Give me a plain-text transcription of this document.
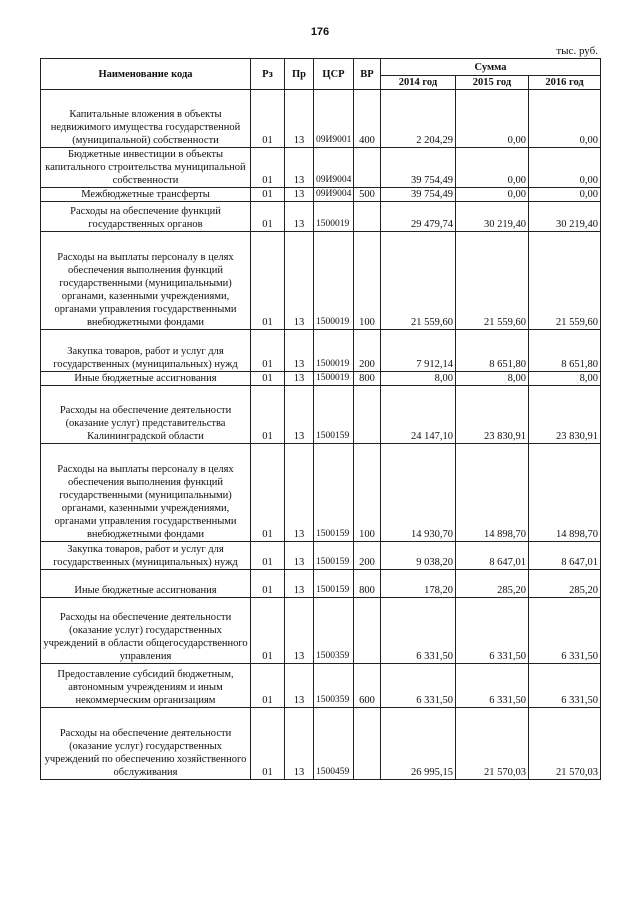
176
тыс. руб.
Наименование кода	Рз	Пр	ЦСР	ВР	Сумма		
					2014 год	2015 год	2016 год
Капитальные вложения в объекты недвижимого имущества государственной (муниципальной) собственности	01	13	09И9001	400	2 204,29	0,00	0,00
Бюджетные инвестиции в объекты капитального строительства муниципальной собственности	01	13	09И9004		39 754,49	0,00	0,00
Межбюджетные трансферты	01	13	09И9004	500	39 754,49	0,00	0,00
Расходы на обеспечение функций государственных органов	01	13	1500019		29 479,74	30 219,40	30 219,40
Расходы на выплаты персоналу в целях обеспечения выполнения функций государственными (муниципальными) органами, казенными учреждениями, органами управления государственными внебюджетными фондами	01	13	1500019	100	21 559,60	21 559,60	21 559,60
Закупка товаров, работ и услуг для государственных (муниципальных) нужд	01	13	1500019	200	7 912,14	8 651,80	8 651,80
Иные бюджетные ассигнования	01	13	1500019	800	8,00	8,00	8,00
Расходы на обеспечение деятельности (оказание услуг) представительства Калининградской области	01	13	1500159		24 147,10	23 830,91	23 830,91
Расходы на выплаты персоналу в целях обеспечения выполнения функций государственными (муниципальными) органами, казенными учреждениями, органами управления государственными внебюджетными фондами	01	13	1500159	100	14 930,70	14 898,70	14 898,70
Закупка товаров, работ и услуг для государственных (муниципальных) нужд	01	13	1500159	200	9 038,20	8 647,01	8 647,01
Иные бюджетные ассигнования	01	13	1500159	800	178,20	285,20	285,20
Расходы на обеспечение деятельности (оказание услуг) государственных учреждений в области общегосударственного управления	01	13	1500359		6 331,50	6 331,50	6 331,50
Предоставление субсидий бюджетным, автономным учреждениям и иным некоммерческим организациям	01	13	1500359	600	6 331,50	6 331,50	6 331,50
Расходы на обеспечение деятельности (оказание услуг) государственных учреждений по обеспечению хозяйственного обслуживания	01	13	1500459		26 995,15	21 570,03	21 570,03
